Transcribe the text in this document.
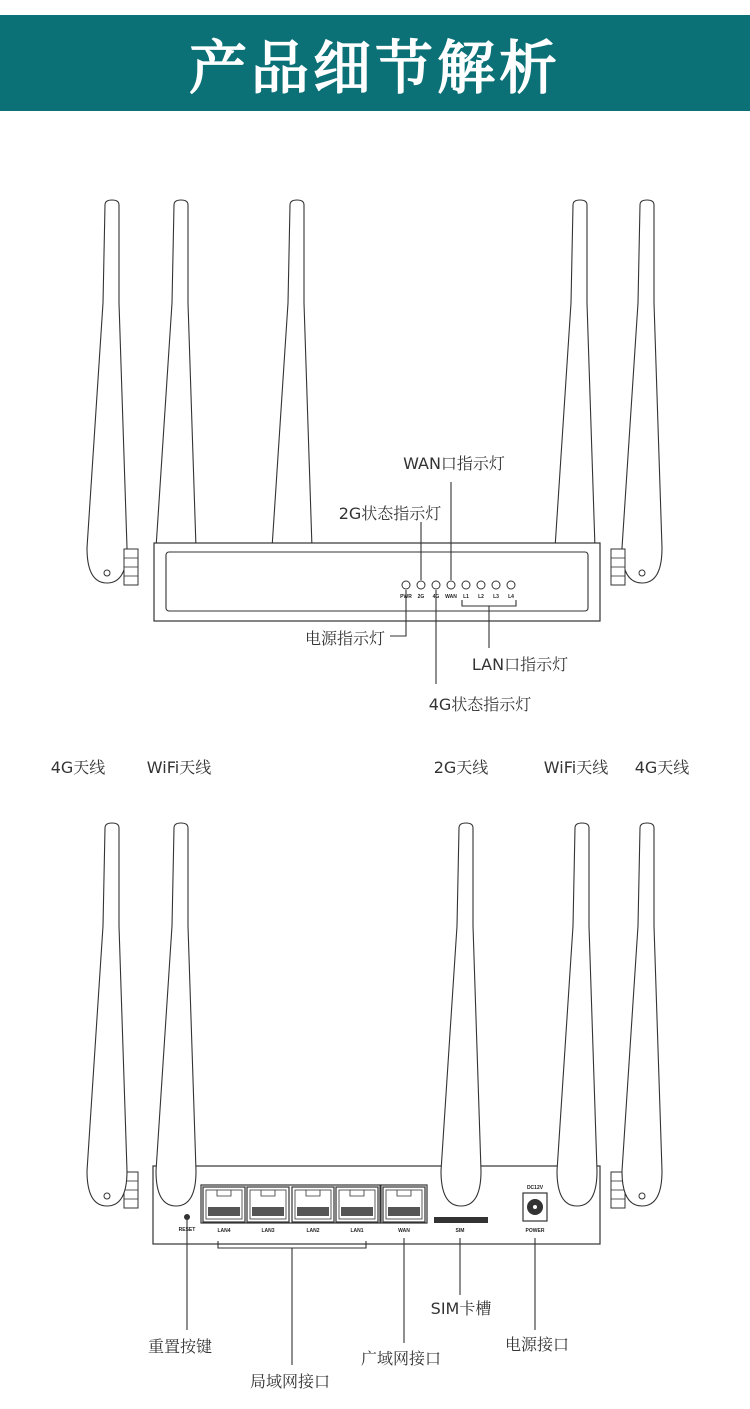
产品细节解析
PWR 2G 4G WAN L1 L2 L3 L4
WAN口指示灯
2G状态指示灯
电源指示灯
LAN口指示灯
4G状态指示灯
4G天线	WiFi天线	2G天线	WiFi天线 4G天线
RESET	LAN4	LAN3	LAN2	LAN1	WAN	SIM
DC12V
POWER
重置按键
局域网接口
广域网接口
SIM卡槽
电源接口
